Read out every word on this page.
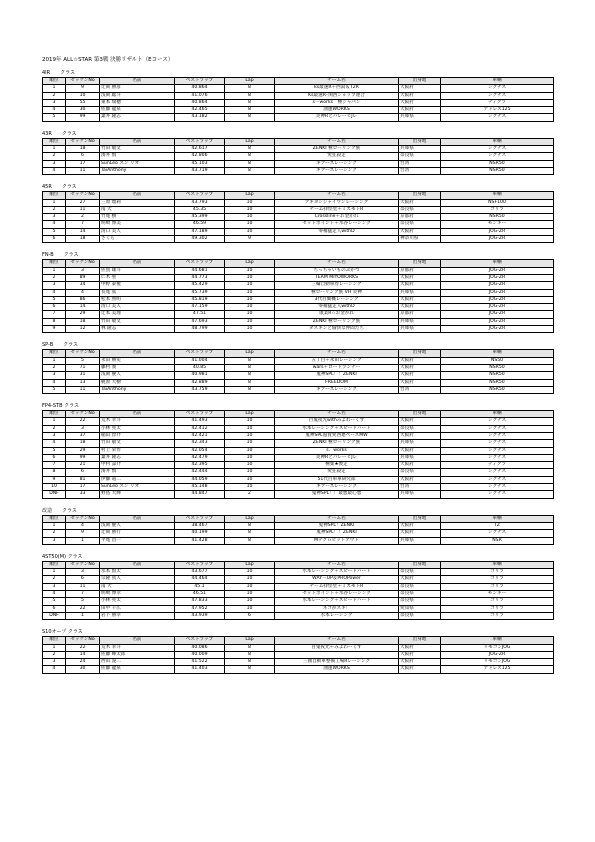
2019年 ALL☆STAR 第3戦 決勝リザルト（Eコース）
4IR　　クラス
順位	ゼッケンNo	名前	ベストラップ	Lap	チーム名	出身地	車輌
1	9	辻岡 勝彦	40.864	8	ks最速R＋西湯＆T2R	大阪府	シグナス
2	10	浅岡 聡斗	41.076	8	Ks最速R･関西ショップ連合	大阪府	シグナス
3	55	東本 瑞穂	40.864	8	s－works　極ジャパン	大阪府	ティグラ
4	30	佐藤 龍泉	42.465	8	油運WORKS	大阪府	アドレス125
5	99	葉井 隆志	43.182	8	炎神RとバレーヒJレ	兵庫県	シグナス
43R　　クラス
順位	ゼッケンNo	名前	ベストラップ	Lap	チーム名	出身地	車輌
1	18	竹田 敏文	42.617	8	ZENKI 極ローリング族	兵庫県	シグナス
2	6	湊井 慎	42.806	8	愛狂殺走	奈良県	シグナス
3	17	SunLeo スン リオ	45.103	8	ギアーズレーシング	台湾	NSR50
4	11	TaiAnthony	43.719	8	ギアーズレーシング	台湾	NSR50
45R　　クラス
順位	ゼッケンNo	名前	ベストラップ	Lap	チーム名	出身地	車輌
1	27	三原 瑠莉	43.793	10	アキヨシジャイワンレーシング	大阪府	NSF100
2	11	南 大	45.35	10	チーム拝怪堂＋ミズモトR	奈良県	ゴリラ
3	2	竹尾 樹	45.399	10	Crossline＋お金がれ	京都府	NSR50
4	7	明崎 博美	46.59	10	セットポイント＋水谷レーシング	奈良県	モンキー
5	14	清口 美人	47.189	10	零補猛走人withD	大阪府	JOG-ZR
6	18	さくら	49.302	9		神奈川県	JOG-ZR
FN-B　　クラス
順位	ゼッケンNo	名前	ベストラップ	Lap	チーム名	出身地	車輌
1	3	佐賀 雄斗	44.681	10	ちっちゃいものぷかつ	京都府	JOG-ZR
2	89	仁木 聖	44.773	10	TEAM MIYOWORKS	大阪府	JOG-ZR
3	34	中野 泰視	45.429	10	三輪自動車券レーシング	大阪府	JOG-ZR
4	4	長尾 篤	45.739	10	極ローリング族 VH 炎神	兵庫県	JOG-ZR
5	86	松本 照明	45.819	10	3代目翼機レーシング	大阪府	JOG-ZR
6	14	清口 美人	47.159	10	零補猛走人withD	大阪府	JOG-ZR
7	29	辻本 美理	47.51	10	康業R☆お金がれ	京都府	JOG-ZR
8	18	竹田 敏文	47.693	10	ZENKI 極ローリング族	兵庫県	JOG-ZR
9	12	林 隆志	48.799	10	ダスキンと愉快な仲間たち	兵庫県	JOG-ZR
SP-B　　クラス
順位	ゼッケンNo	名前	ベストラップ	Lap	チーム名	出身地	車輌
1	5	永田 勝史	41.004	8	五丁目＋永田レーシング	大阪府	NS50
2	71	藤村 義	40.85	8	wars＋ロードランナー	大阪府	NSR50
3	31	浅岡 慶人	40.981	8	鬼神SPL！！ZENKI	大阪府	NSR50
4	13	梶原 大樹	42.889	8	FREEDOM	大阪府	NSR50
5	11	TaiAnthony	43.759	8	ギアーズレーシング	台湾	NSR50
FP4-STB クラス
順位	ゼッケンNo	名前	ベストラップ	Lap	チーム名	出身地	車輌
1	22	荒木 幸斗	41.493	10	百鬼夜光withみよわーくす	大阪府	シグナス
2	3	小林 亮太	42.412	10	水本レーシング＋スピードハート	奈良県	シグナス
3	37	稲田 淳介	42.421	10	鬼神SPL滋賀愛西連ベースMW	大阪府	シグナス
4	18	竹田 敏文	42.343	10	ZENKI 極ローリング族	兵庫県	シグナス
5	29	村上 栄作	42.054	10	s．works	大阪府	シグナス
6	99	葉井 隆志	42.479	10	炎神RとバレーヒJレ	兵庫県	シグナス
7	21	中村 諒介	42.395	10	極楽★喪走	大阪府	ティグラ
8	6	湊井 慎	42.444	10	愛狂殺走	奈良県	シグナス
9	81	伊藤 竜二	44.059	10	51代目車車研究部	大阪府	シグナス
10	17	SunLeo スン リオ	45.148	10	ギアーズレーシング	台湾	シグナス
DNF	33	野島 大輝	44.847	2	鬼神SPL！！最悪最心悪	兵庫県	シグナス
改造　　クラス
順位	ゼッケンNo	名前	ベストラップ	Lap	チーム名	出身地	車輌
1	4	浅岡 慶人	38.467	8	鬼神SPL！ZENKI	大阪府	TZ
2	9	辻岡 勝行	40.199	8	鬼神SPL！！ZENKI	大阪府	シグナス
3	1	平尾 昌一	41.428	8	Mテクｏピットアウト	兵庫県	NSR
4ST50(M) クラス
順位	ゼッケンNo	名前	ベストラップ	Lap	チーム名	出身地	車輌
1	3	水本 賢太	43.677	10	水本レーシング＋スピードハート	奈良県	ゴリラ
2	6	宗隆 真人	44.464	10	WAY－UP＆PROPower	大阪府	ゴリラ
3	11	南 大	45.1	10	チーム拝怪堂＋ミズモトR	奈良県	ゴリラ
4	7	明崎 博幸	46.51	10	セットポイント＋水谷レーシング	奈良県	モンキー
5	5	小林 亮太	47.833	10	水本レーシング＋スピードハート	奈良県	ゴリラ
6	22	田中 千広	47.952	10	ネコがスキ！	愛知県	ゴリラ
DNF	1	岩下 勝幸	43.939	6	水本レーシング	奈良県	ゴリラ
S10オープ クラス
順位	ゼッケンNo	名前	ベストラップ	Lap	チーム名	出身地	車輌
1	22	荒木 幸斗	40.086	8	百鬼夜光＋みよわーくす	大阪府	リモコンJOG
2	14	佐藤 輝太郎	40.009	8	　	大阪府	JOG-ZR
3	24	西田 滉二	41.522	8	三國自動車整備工場Rレーシング	大阪府	リモコンJOG
4	30	佐藤 龍泉	41.403	8	油運WORKS	大阪府	アドレス125
